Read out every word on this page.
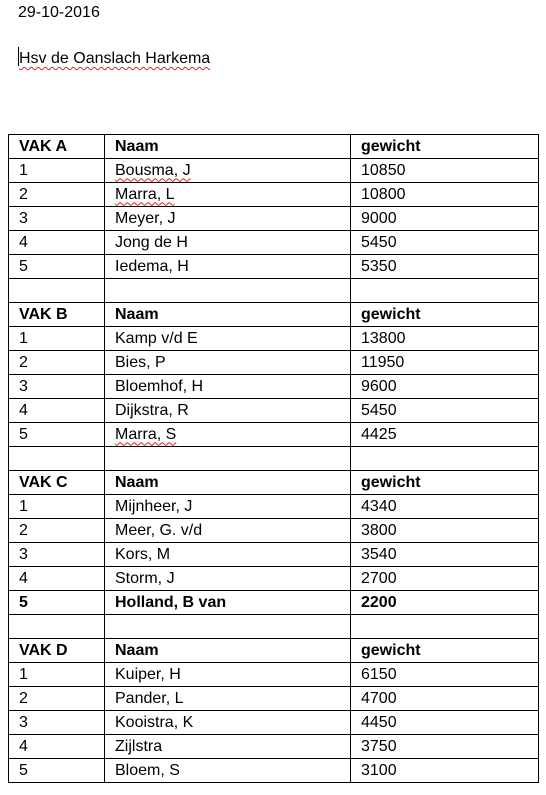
29-10-2016
Hsv de Oanslach Harkema
VAK A	Naam	gewicht
1	Bousma, J	10850
2	Marra, L	10800
3	Meyer, J	9000
4	Jong de H	5450
5	Iedema, H	5350

VAK B	Naam	gewicht
1	Kamp v/d E	13800
2	Bies, P	11950
3	Bloemhof, H	9600
4	Dijkstra, R	5450
5	Marra, S	4425

VAK C	Naam	gewicht
1	Mijnheer, J	4340
2	Meer, G. v/d	3800
3	Kors, M	3540
4	Storm, J	2700
5	Holland, B van	2200

VAK D	Naam	gewicht
1	Kuiper, H	6150
2	Pander, L	4700
3	Kooistra, K	4450
4	Zijlstra	3750
5	Bloem, S	3100
